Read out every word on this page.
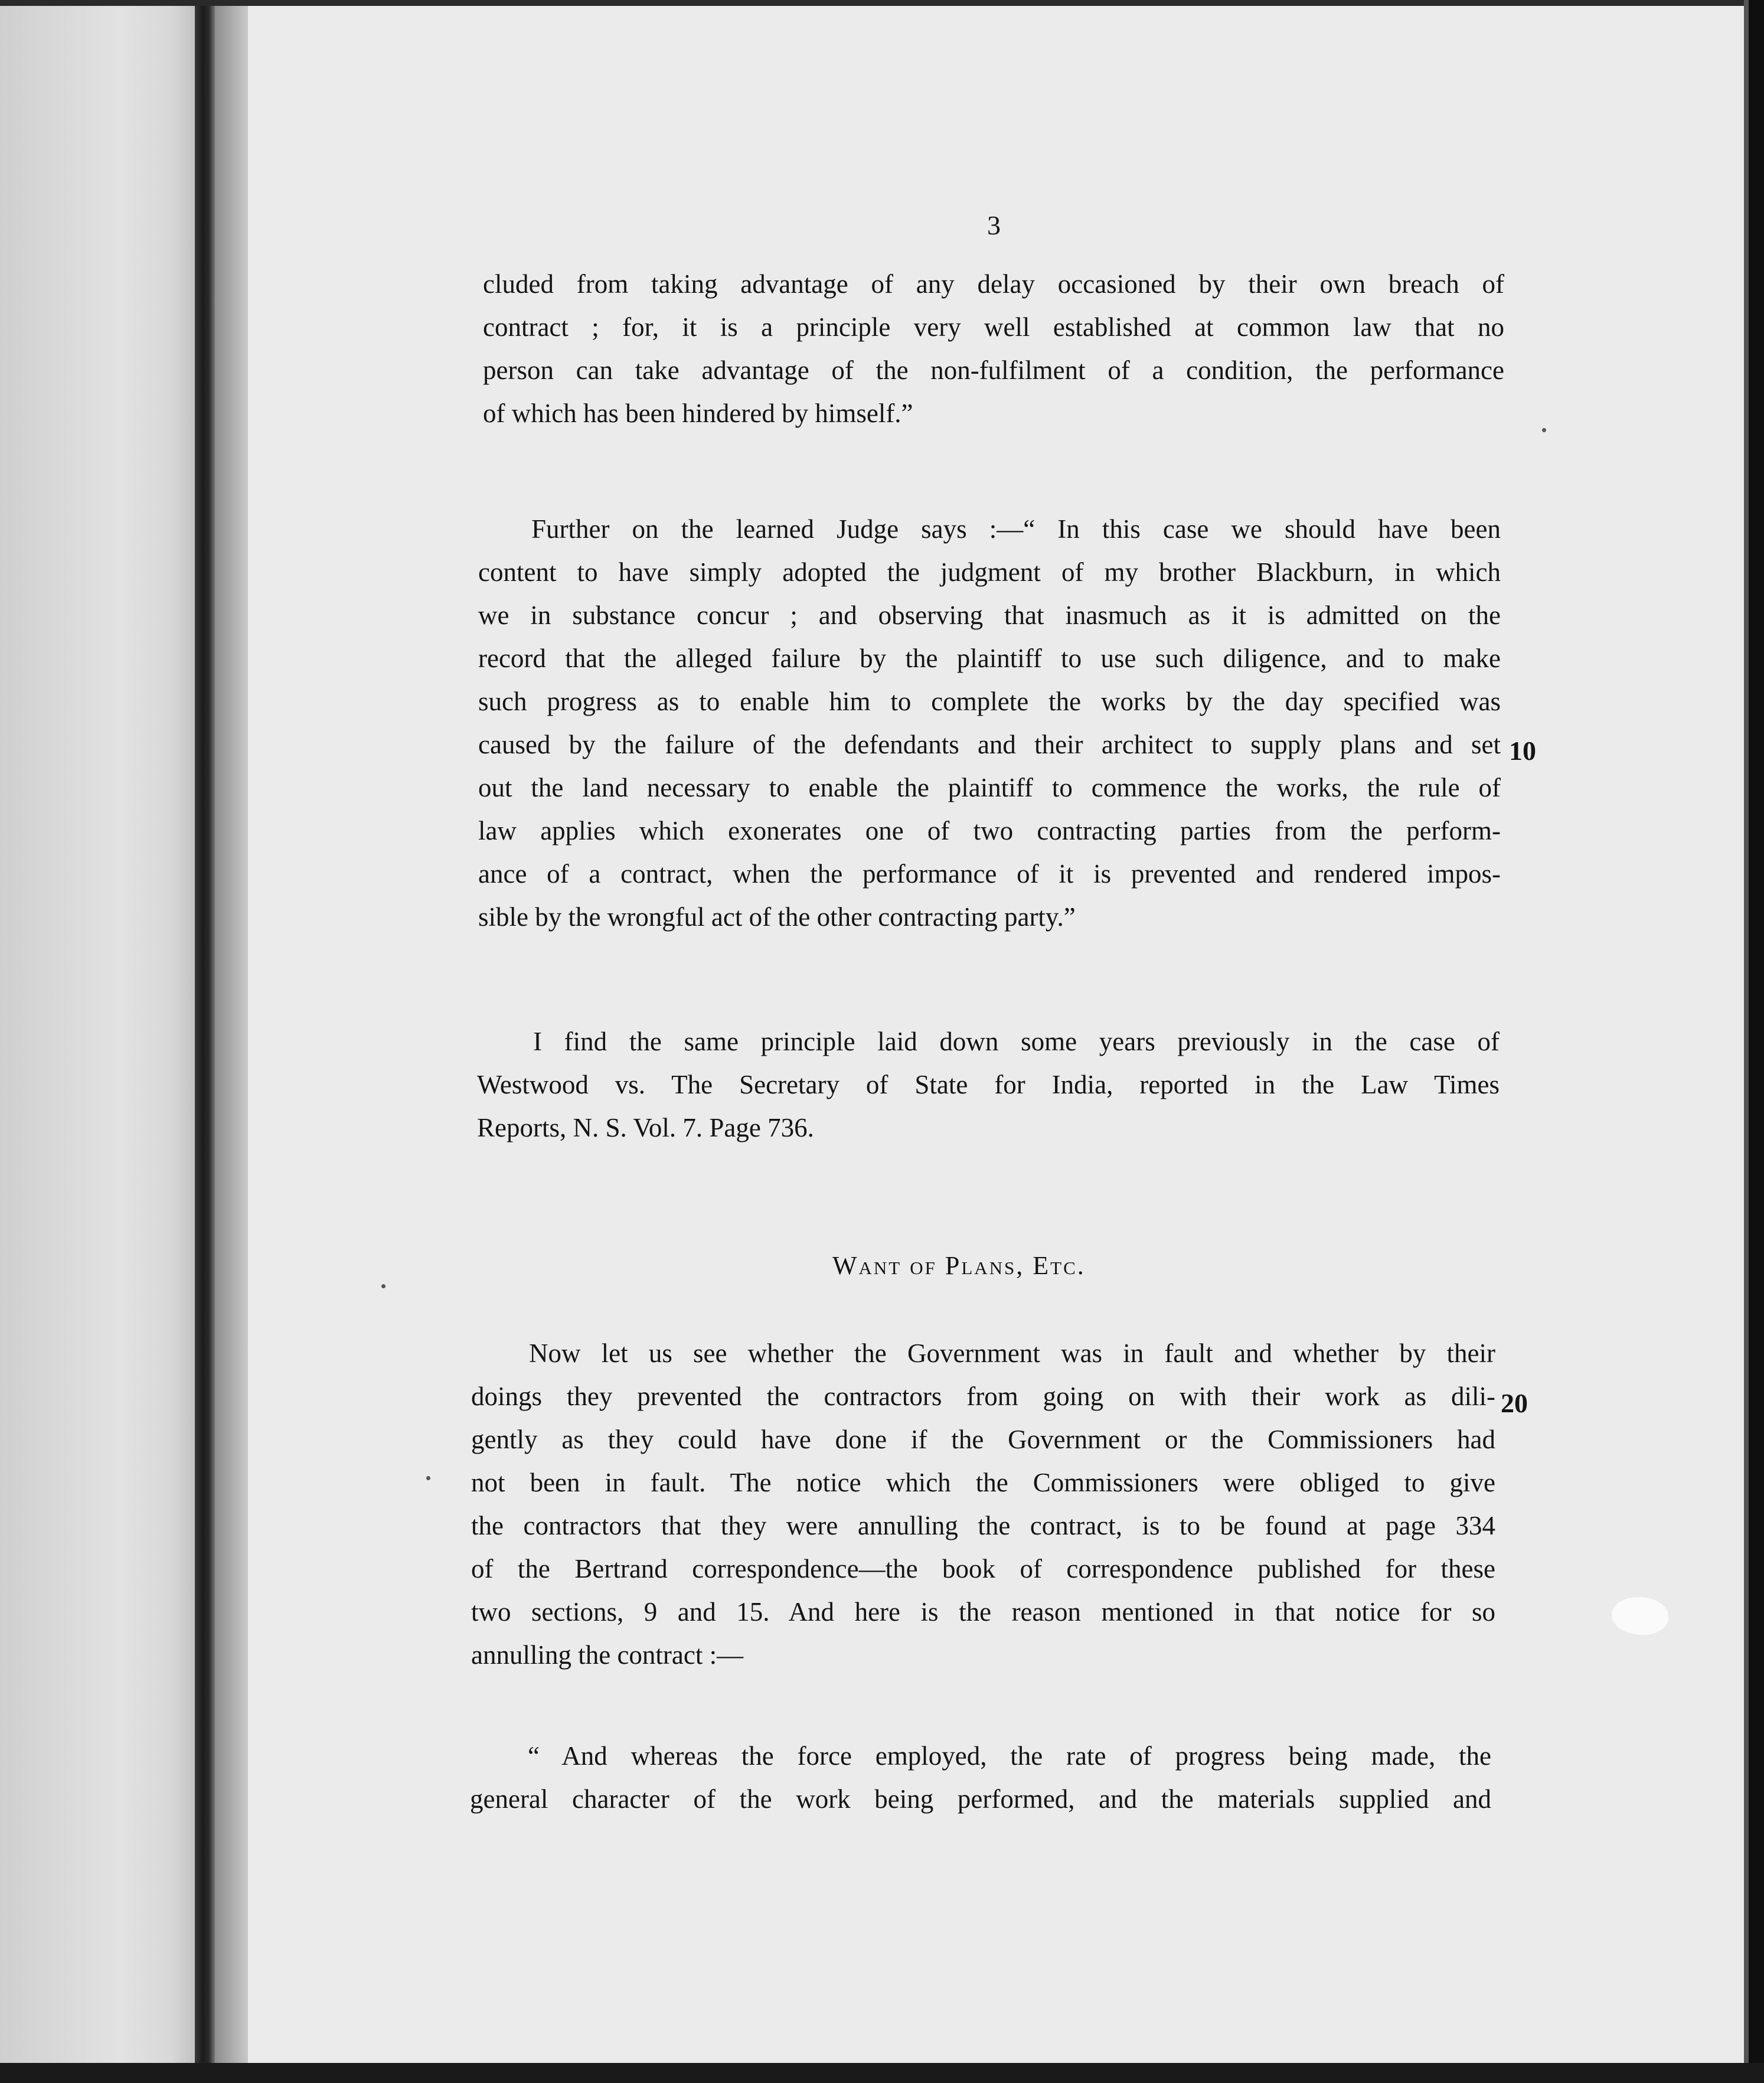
3
cluded from taking advantage of any delay occasioned by their own breach of
contract ; for, it is a principle very well established at common law that no
person can take advantage of the non-fulfilment of a condition, the performance
of which has been hindered by himself.”
Further on the learned Judge says :—“ In this case we should have been
content to have simply adopted the judgment of my brother Blackburn, in which
we in substance concur ; and observing that inasmuch as it is admitted on the
record that the alleged failure by the plaintiff to use such diligence, and to make
such progress as to enable him to complete the works by the day specified was
caused by the failure of the defendants and their architect to supply plans and set
out the land necessary to enable the plaintiff to commence the works, the rule of
law applies which exonerates one of two contracting parties from the perform-
ance of a contract, when the performance of it is prevented and rendered impos-
sible by the wrongful act of the other contracting party.”
10
I find the same principle laid down some years previously in the case of
Westwood vs. The Secretary of State for India, reported in the Law Times
Reports, N. S. Vol. 7. Page 736.
Want of Plans, Etc.
Now let us see whether the Government was in fault and whether by their
doings they prevented the contractors from going on with their work as dili-
gently as they could have done if the Government or the Commissioners had
not been in fault. The notice which the Commissioners were obliged to give
the contractors that they were annulling the contract, is to be found at page 334
of the Bertrand correspondence—the book of correspondence published for these
two sections, 9 and 15. And here is the reason mentioned in that notice for so
annulling the contract :—
20
“ And whereas the force employed, the rate of progress being made, the
general character of the work being performed, and the materials supplied and
